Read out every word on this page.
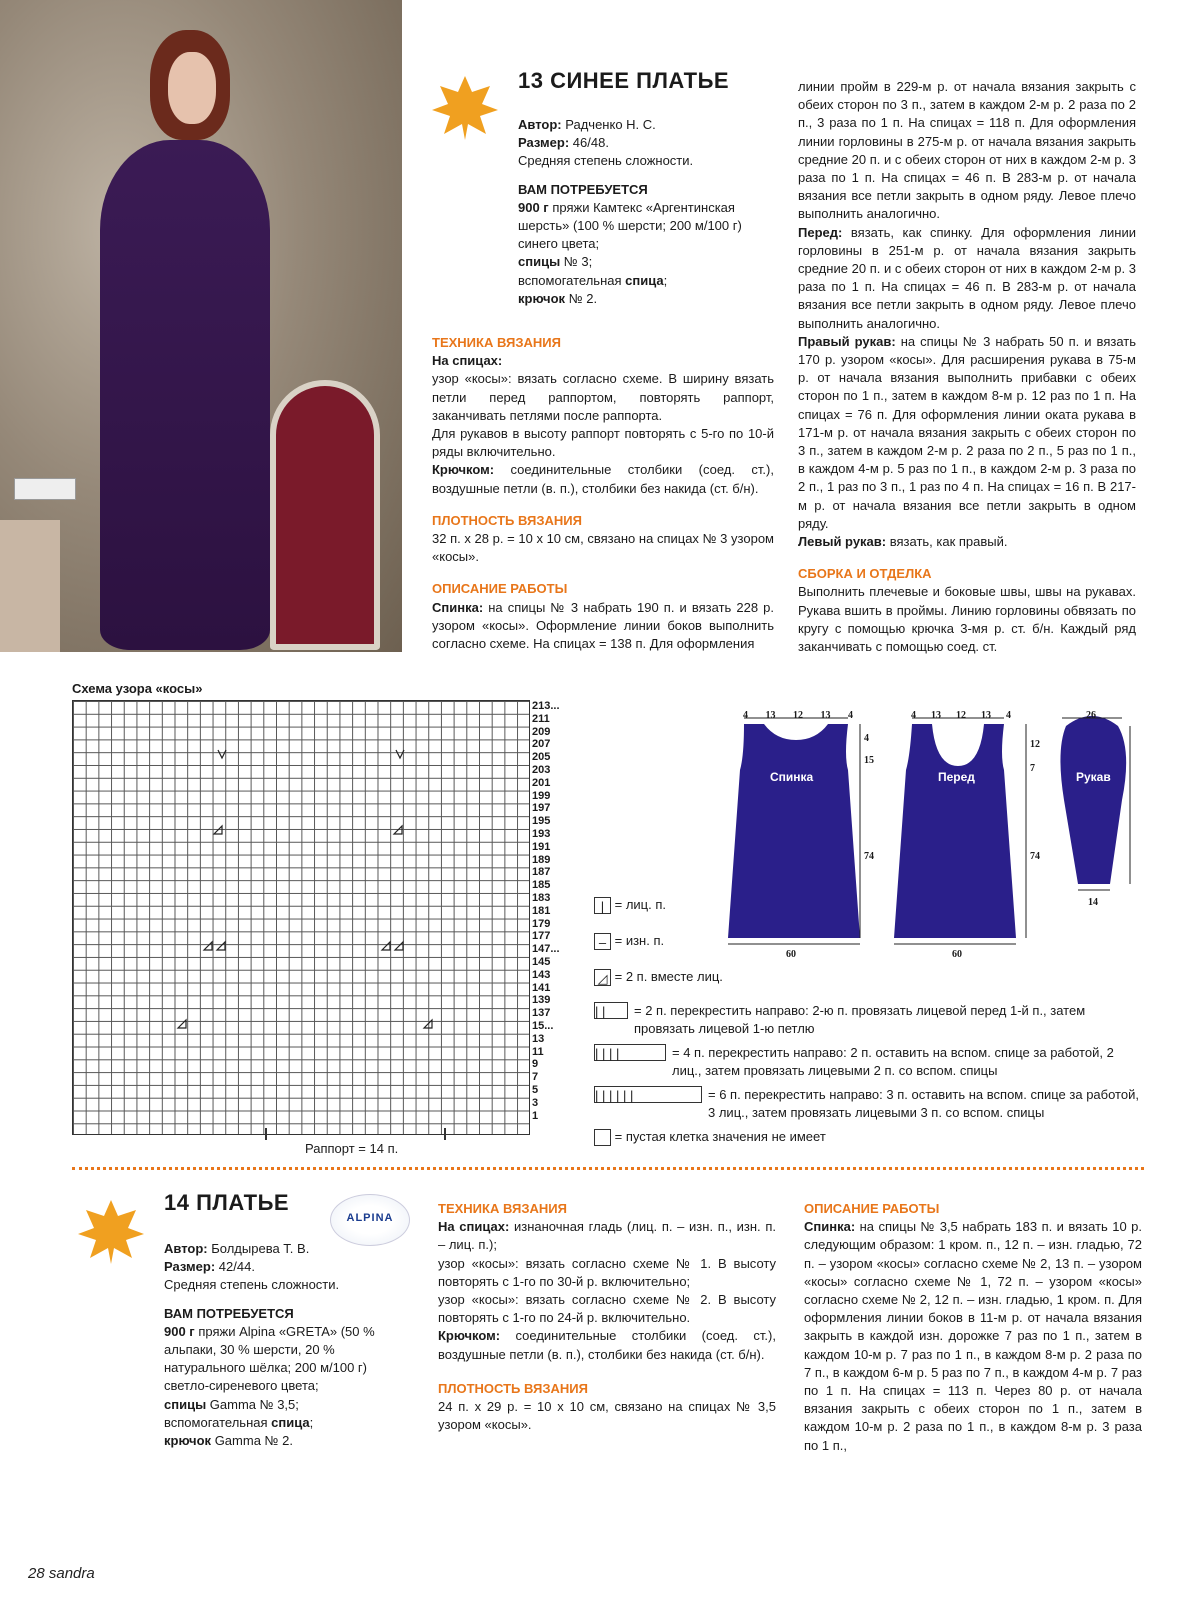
13 СИНЕЕ ПЛАТЬЕ

Автор: Радченко Н. С.

Размер: 46/48.

Средняя степень сложности.

ВАМ ПОТРЕБУЕТСЯ

900 г пряжи Камтекс «Аргентинская шерсть» (100 % шерсти; 200 м/100 г) синего цвета;

спицы № 3;

вспомогательная спица;

крючок № 2.

ТЕХНИКА ВЯЗАНИЯ

На спицах:

узор «косы»: вязать согласно схеме. В ширину вязать петли перед раппортом, повторять раппорт, заканчивать петлями после раппорта.

Для рукавов в высоту раппорт повторять с 5-го по 10-й ряды включительно.

Крючком: соединительные столбики (соед. ст.), воздушные петли (в. п.), столбики без накида (ст. б/н).

ПЛОТНОСТЬ ВЯЗАНИЯ

32 п. х 28 р. = 10 х 10 см, связано на спицах № 3 узором «косы».

ОПИСАНИЕ РАБОТЫ

Спинка: на спицы № 3 набрать 190 п. и вязать 228 р. узором «косы». Оформление линии боков выполнить согласно схеме. На спицах = 138 п. Для оформления

линии пройм в 229-м р. от начала вязания закрыть с обеих сторон по 3 п., затем в каждом 2-м р. 2 раза по 2 п., 3 раза по 1 п. На спицах = 118 п. Для оформления линии горловины в 275-м р. от начала вязания закрыть средние 20 п. и с обеих сторон от них в каждом 2-м р. 3 раза по 1 п. На спицах = 46 п. В 283-м р. от начала вязания все петли закрыть в одном ряду. Левое плечо выполнить аналогично.

Перед: вязать, как спинку. Для оформления линии горловины в 251-м р. от начала вязания закрыть средние 20 п. и с обеих сторон от них в каждом 2-м р. 3 раза по 1 п. На спицах = 46 п. В 283-м р. от начала вязания все петли закрыть в одном ряду. Левое плечо выполнить аналогично.

Правый рукав: на спицы № 3 набрать 50 п. и вязать 170 р. узором «косы». Для расширения рукава в 75-м р. от начала вязания выполнить прибавки с обеих сторон по 1 п., затем в каждом 8-м р. 12 раз по 1 п. На спицах = 76 п. Для оформления линии оката рукава в 171-м р. от начала вязания закрыть с обеих сторон по 3 п., затем в каждом 2-м р. 2 раза по 2 п., 5 раз по 1 п., в каждом 4-м р. 5 раз по 1 п., в каждом 2-м р. 3 раза по 2 п., 1 раз по 3 п., 1 раз по 4 п. На спицах = 16 п. В 217-м р. от начала вязания все петли закрыть в одном ряду.

Левый рукав: вязать, как правый.

СБОРКА И ОТДЕЛКА

Выполнить плечевые и боковые швы, швы на рукавах. Рукава вшить в проймы. Линию горловины обвязать по кругу с помощью крючка 3-мя р. ст. б/н. Каждый ряд заканчивать с помощью соед. ст.

Схема узора «косы»
213...
211
209
207
205
203
201
199
197
195
193
191
189
187
185
183
181
179
177
147...
145
143
141
139
137
15...
13
11
9
7
5
3
1
Раппорт = 14 п.
| = лиц. п.
– = изн. п.
◿ = 2 п. вместе лиц.
| |	= 2 п. перекрестить направо: 2-ю п. провязать лицевой перед 1-й п., затем провязать лицевой 1-ю петлю
| | | |	= 4 п. перекрестить направо: 2 п. оставить на вспом. спице за работой, 2 лиц., затем провязать лицевыми 2 п. со вспом. спицы
| | | | | |	= 6 п. перекрестить направо: 3 п. оставить на вспом. спице за работой, 3 лиц., затем провязать лицевыми 3 п. со вспом. спицы
= пустая клетка значения не имеет
4 13 12 13 4	4 13 12 13 4
4
15
74
12
7
74
60	60
26
14
Спинка	Перед	Рукав
14 ПЛАТЬЕ
ALPINA

Автор: Болдырева Т. В.

Размер: 42/44.

Средняя степень сложности.

ВАМ ПОТРЕБУЕТСЯ

900 г пряжи Alpina «GRETA» (50 % альпаки, 30 % шерсти, 20 % натурального шёлка; 200 м/100 г) светло-сиреневого цвета;

спицы Gamma № 3,5;

вспомогательная спица;

крючок Gamma № 2.

ТЕХНИКА ВЯЗАНИЯ

На спицах: изнаночная гладь (лиц. п. – изн. п., изн. п. – лиц. п.);

узор «косы»: вязать согласно схеме № 1. В высоту повторять с 1-го по 30-й р. включительно;

узор «косы»: вязать согласно схеме № 2. В высоту повторять с 1-го по 24-й р. включительно.

Крючком: соединительные столбики (соед. ст.), воздушные петли (в. п.), столбики без накида (ст. б/н).

ПЛОТНОСТЬ ВЯЗАНИЯ

24 п. х 29 р. = 10 х 10 см, связано на спицах № 3,5 узором «косы».

ОПИСАНИЕ РАБОТЫ

Спинка: на спицы № 3,5 набрать 183 п. и вязать 10 р. следующим образом: 1 кром. п., 12 п. – изн. гладью, 72 п. – узором «косы» согласно схеме № 2, 13 п. – узором «косы» согласно схеме № 1, 72 п. – узором «косы» согласно схеме № 2, 12 п. – изн. гладью, 1 кром. п. Для оформления линии боков в 11-м р. от начала вязания закрыть в каждой изн. дорожке 7 раз по 1 п., затем в каждом 10-м р. 7 раз по 1 п., в каждом 8-м р. 2 раза по 7 п., в каждом 6-м р. 5 раз по 7 п., в каждом 4-м р. 7 раз по 1 п. На спицах = 113 п. Через 80 р. от начала вязания закрыть с обеих сторон по 1 п., затем в каждом 10-м р. 2 раза по 1 п., в каждом 8-м р. 3 раза по 1 п.,

28 sandra
